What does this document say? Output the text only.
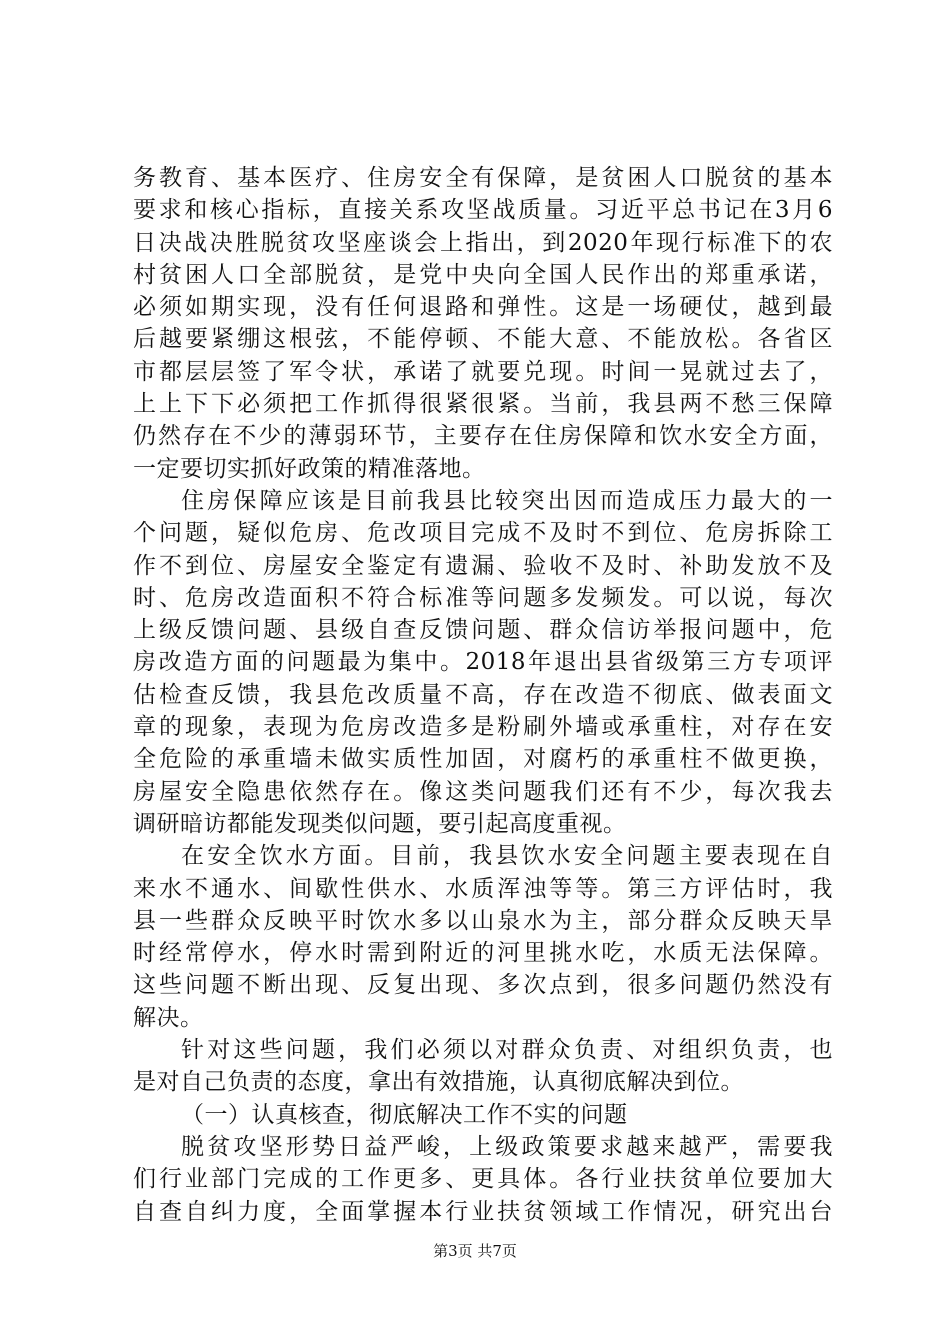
务教育、基本医疗、住房安全有保障，是贫困人口脱贫的基本
要求和核心指标，直接关系攻坚战质量。习近平总书记在3月6
日决战决胜脱贫攻坚座谈会上指出，到2020年现行标准下的农
村贫困人口全部脱贫，是党中央向全国人民作出的郑重承诺，
必须如期实现，没有任何退路和弹性。这是一场硬仗，越到最
后越要紧绷这根弦，不能停顿、不能大意、不能放松。各省区
市都层层签了军令状，承诺了就要兑现。时间一晃就过去了，
上上下下必须把工作抓得很紧很紧。当前，我县两不愁三保障
仍然存在不少的薄弱环节，主要存在住房保障和饮水安全方面，
一定要切实抓好政策的精准落地。
住房保障应该是目前我县比较突出因而造成压力最大的一
个问题，疑似危房、危改项目完成不及时不到位、危房拆除工
作不到位、房屋安全鉴定有遗漏、验收不及时、补助发放不及
时、危房改造面积不符合标准等问题多发频发。可以说，每次
上级反馈问题、县级自查反馈问题、群众信访举报问题中，危
房改造方面的问题最为集中。2018年退出县省级第三方专项评
估检查反馈，我县危改质量不高，存在改造不彻底、做表面文
章的现象，表现为危房改造多是粉刷外墙或承重柱，对存在安
全危险的承重墙未做实质性加固，对腐朽的承重柱不做更换，
房屋安全隐患依然存在。像这类问题我们还有不少，每次我去
调研暗访都能发现类似问题，要引起高度重视。
在安全饮水方面。目前，我县饮水安全问题主要表现在自
来水不通水、间歇性供水、水质浑浊等等。第三方评估时，我
县一些群众反映平时饮水多以山泉水为主，部分群众反映天旱
时经常停水，停水时需到附近的河里挑水吃，水质无法保障。
这些问题不断出现、反复出现、多次点到，很多问题仍然没有
解决。
针对这些问题，我们必须以对群众负责、对组织负责，也
是对自己负责的态度，拿出有效措施，认真彻底解决到位。
（一）认真核查，彻底解决工作不实的问题
脱贫攻坚形势日益严峻，上级政策要求越来越严，需要我
们行业部门完成的工作更多、更具体。各行业扶贫单位要加大
自查自纠力度，全面掌握本行业扶贫领域工作情况，研究出台
第3页 共7页
